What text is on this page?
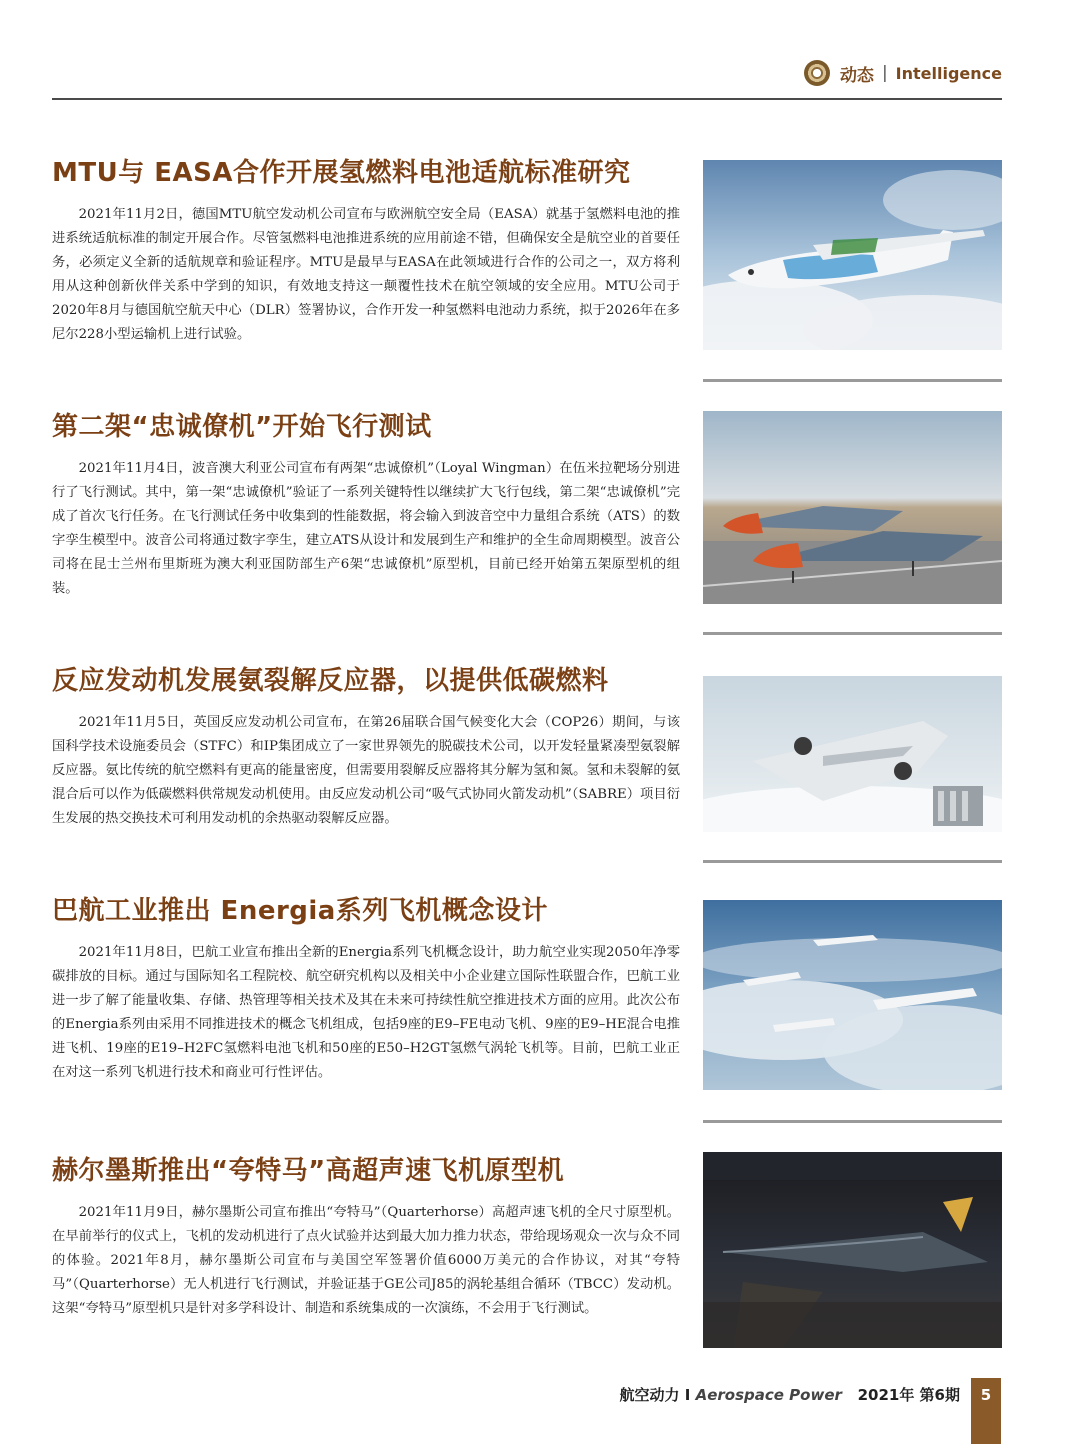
动态 | Intelligence
MTU与 EASA合作开展氢燃料电池适航标准研究

2021年11月2日，德国MTU航空发动机公司宣布与欧洲航空安全局（EASA）就基于氢燃料电池的推进系统适航标准的制定开展合作。尽管氢燃料电池推进系统的应用前途不错，但确保安全是航空业的首要任务，必须定义全新的适航规章和验证程序。MTU是最早与EASA在此领域进行合作的公司之一，双方将利用从这种创新伙伴关系中学到的知识，有效地支持这一颠覆性技术在航空领域的安全应用。MTU公司于2020年8月与德国航空航天中心（DLR）签署协议，合作开发一种氢燃料电池动力系统，拟于2026年在多尼尔228小型运输机上进行试验。

第二架“忠诚僚机”开始飞行测试

2021年11月4日，波音澳大利亚公司宣布有两架“忠诚僚机”（Loyal Wingman）在伍米拉靶场分别进行了飞行测试。其中，第一架“忠诚僚机”验证了一系列关键特性以继续扩大飞行包线，第二架“忠诚僚机”完成了首次飞行任务。在飞行测试任务中收集到的性能数据，将会输入到波音空中力量组合系统（ATS）的数字孪生模型中。波音公司将通过数字孪生，建立ATS从设计和发展到生产和维护的全生命周期模型。波音公司将在昆士兰州布里斯班为澳大利亚国防部生产6架“忠诚僚机”原型机，目前已经开始第五架原型机的组装。

反应发动机发展氨裂解反应器，以提供低碳燃料

2021年11月5日，英国反应发动机公司宣布，在第26届联合国气候变化大会（COP26）期间，与该国科学技术设施委员会（STFC）和IP集团成立了一家世界领先的脱碳技术公司，以开发轻量紧凑型氨裂解反应器。氨比传统的航空燃料有更高的能量密度，但需要用裂解反应器将其分解为氢和氮。氢和未裂解的氨混合后可以作为低碳燃料供常规发动机使用。由反应发动机公司“吸气式协同火箭发动机”（SABRE）项目衍生发展的热交换技术可利用发动机的余热驱动裂解反应器。

巴航工业推出 Energia系列飞机概念设计

2021年11月8日，巴航工业宣布推出全新的Energia系列飞机概念设计，助力航空业实现2050年净零碳排放的目标。通过与国际知名工程院校、航空研究机构以及相关中小企业建立国际性联盟合作，巴航工业进一步了解了能量收集、存储、热管理等相关技术及其在未来可持续性航空推进技术方面的应用。此次公布的Energia系列由采用不同推进技术的概念飞机组成，包括9座的E9–FE电动飞机、9座的E9–HE混合电推进飞机、19座的E19–H2FC氢燃料电池飞机和50座的E50–H2GT氢燃气涡轮飞机等。目前，巴航工业正在对这一系列飞机进行技术和商业可行性评估。

赫尔墨斯推出“夸特马”高超声速飞机原型机

2021年11月9日，赫尔墨斯公司宣布推出“夸特马”（Quarterhorse）高超声速飞机的全尺寸原型机。在早前举行的仪式上，飞机的发动机进行了点火试验并达到最大加力推力状态，带给现场观众一次与众不同的体验。2021年8月，赫尔墨斯公司宣布与美国空军签署价值6000万美元的合作协议，对其“夸特马”（Quarterhorse）无人机进行飞行测试，并验证基于GE公司J85的涡轮基组合循环（TBCC）发动机。这架“夸特马”原型机只是针对多学科设计、制造和系统集成的一次演练，不会用于飞行测试。

航空动力 I Aerospace Power 2021年 第6期	5
